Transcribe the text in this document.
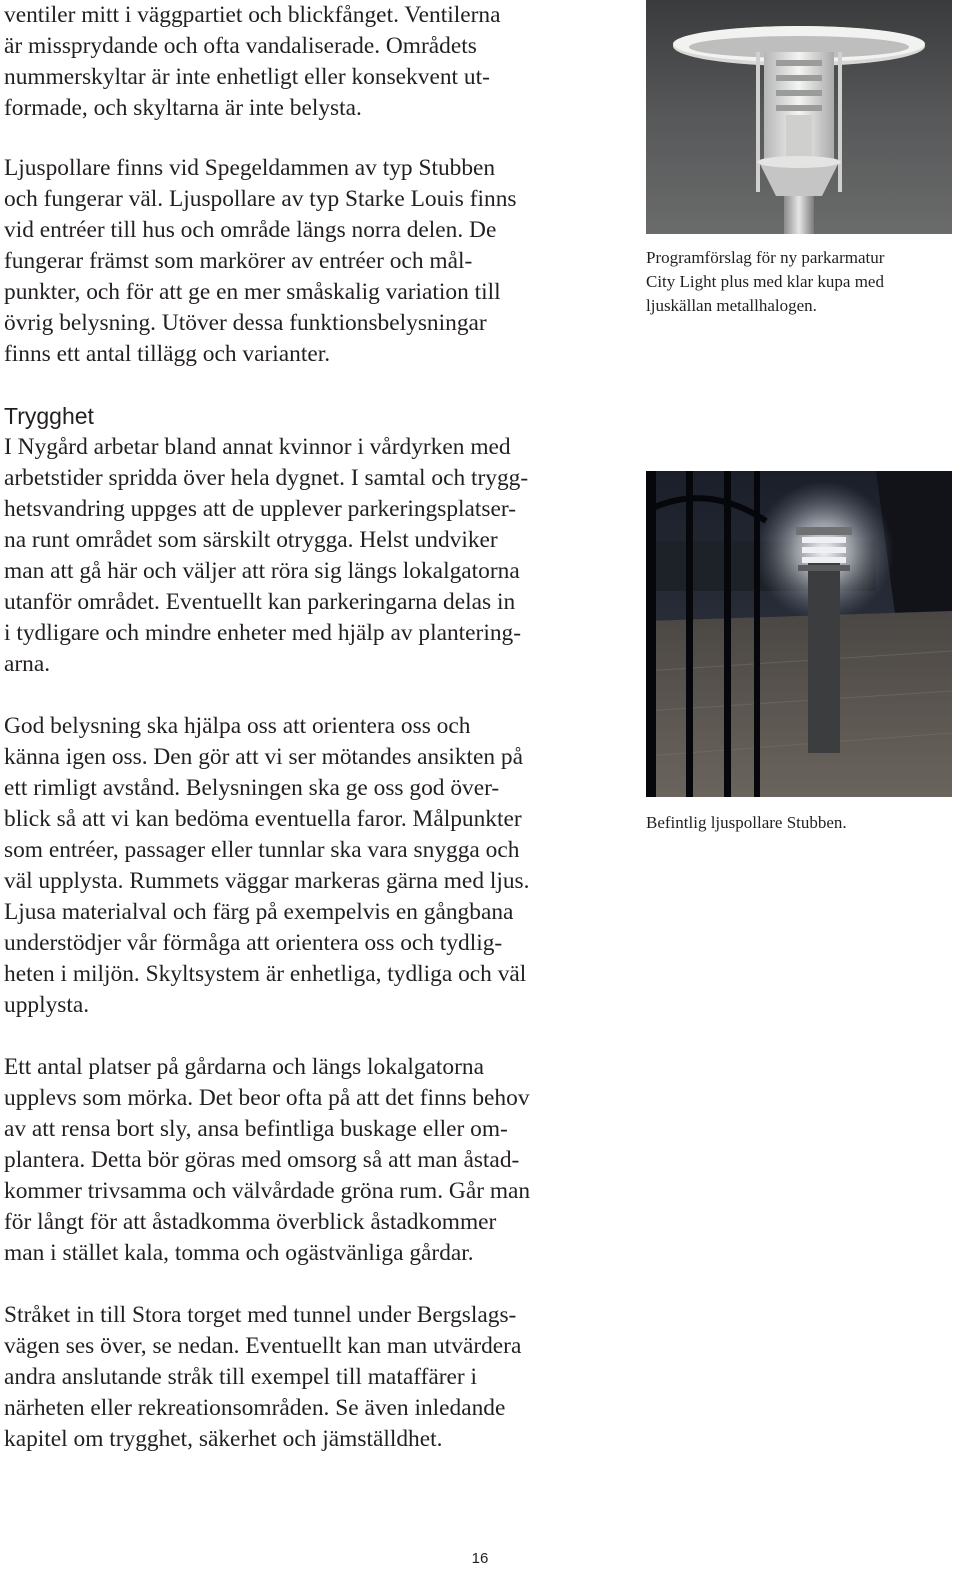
ventiler mitt i väggpartiet och blickfånget. Ventilerna
är missprydande och ofta vandaliserade. Områdets
nummerskyltar är inte enhetligt eller konsekvent ut-
formade, och skyltarna är inte belysta.

Ljuspollare finns vid Spegeldammen av typ Stubben
och fungerar väl. Ljuspollare av typ Starke Louis finns
vid entréer till hus och område längs norra delen. De
fungerar främst som markörer av entréer och mål-
punkter, och för att ge en mer småskalig variation till
övrig belysning. Utöver dessa funktionsbelysningar
finns ett antal tillägg och varianter.

Trygghet

I Nygård arbetar bland annat kvinnor i vårdyrken med
arbetstider spridda över hela dygnet. I samtal och trygg-
hetsvandring uppges att de upplever parkeringsplatser-
na runt området som särskilt otrygga. Helst undviker
man att gå här och väljer att röra sig längs lokalgatorna
utanför området. Eventuellt kan parkeringarna delas in
i tydligare och mindre enheter med hjälp av plantering-
arna.

God belysning ska hjälpa oss att orientera oss och
känna igen oss. Den gör att vi ser mötandes ansikten på
ett rimligt avstånd. Belysningen ska ge oss god över-
blick så att vi kan bedöma eventuella faror. Målpunkter
som entréer, passager eller tunnlar ska vara snygga och
väl upplysta. Rummets väggar markeras gärna med ljus.
Ljusa materialval och färg på exempelvis en gångbana
understödjer vår förmåga att orientera oss och tydlig-
heten i miljön. Skyltsystem är enhetliga, tydliga och väl
upplysta.

Ett antal platser på gårdarna och längs lokalgatorna
upplevs som mörka. Det beor ofta på att det finns behov
av att rensa bort sly, ansa befintliga buskage eller om-
plantera. Detta bör göras med omsorg så att man åstad-
kommer trivsamma och välvårdade gröna rum. Går man
för långt för att åstadkomma överblick åstadkommer
man i stället kala, tomma och ogästvänliga gårdar.

Stråket in till Stora torget med tunnel under Bergslags-
vägen ses över, se nedan. Eventuellt kan man utvärdera
andra anslutande stråk till exempel till mataffärer i
närheten eller rekreationsområden. Se även inledande
kapitel om trygghet, säkerhet och jämställdhet.

Programförslag för ny parkarmatur
City Light plus med klar kupa med
ljuskällan metallhalogen.

Befintlig ljuspollare Stubben.

16
